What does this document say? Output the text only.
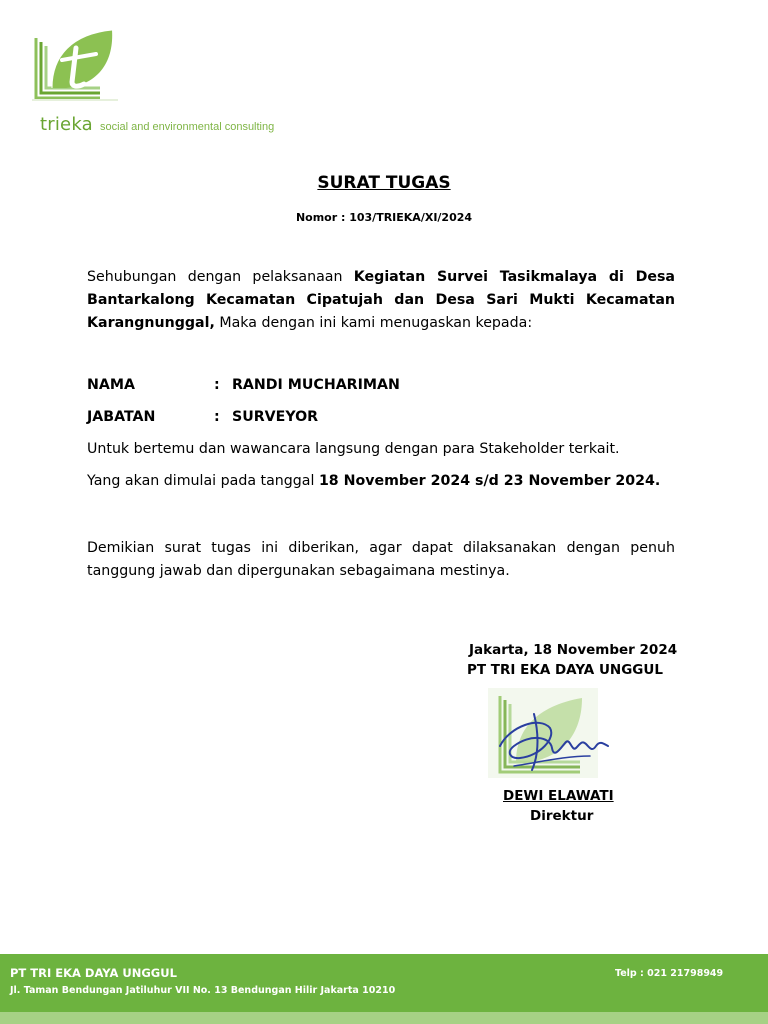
trieka social and environmental consulting
SURAT TUGAS
Nomor : 103/TRIEKA/XI/2024
Sehubungan dengan pelaksanaan Kegiatan Survei Tasikmalaya di Desa Bantarkalong Kecamatan Cipatujah dan Desa Sari Mukti Kecamatan Karangnunggal, Maka dengan ini kami menugaskan kepada:
NAMA	: RANDI MUCHARIMAN
JABATAN	: SURVEYOR
Untuk bertemu dan wawancara langsung dengan para Stakeholder terkait.
Yang akan dimulai pada tanggal 18 November 2024 s/d 23 November 2024.
Demikian surat tugas ini diberikan, agar dapat dilaksanakan dengan penuh tanggung jawab dan dipergunakan sebagaimana mestinya.
Jakarta, 18 November 2024
PT TRI EKA DAYA UNGGUL
DEWI ELAWATI
Direktur
PT TRI EKA DAYA UNGGUL
Jl. Taman Bendungan Jatiluhur VII No. 13 Bendungan Hilir Jakarta 10210
Telp : 021 21798949
